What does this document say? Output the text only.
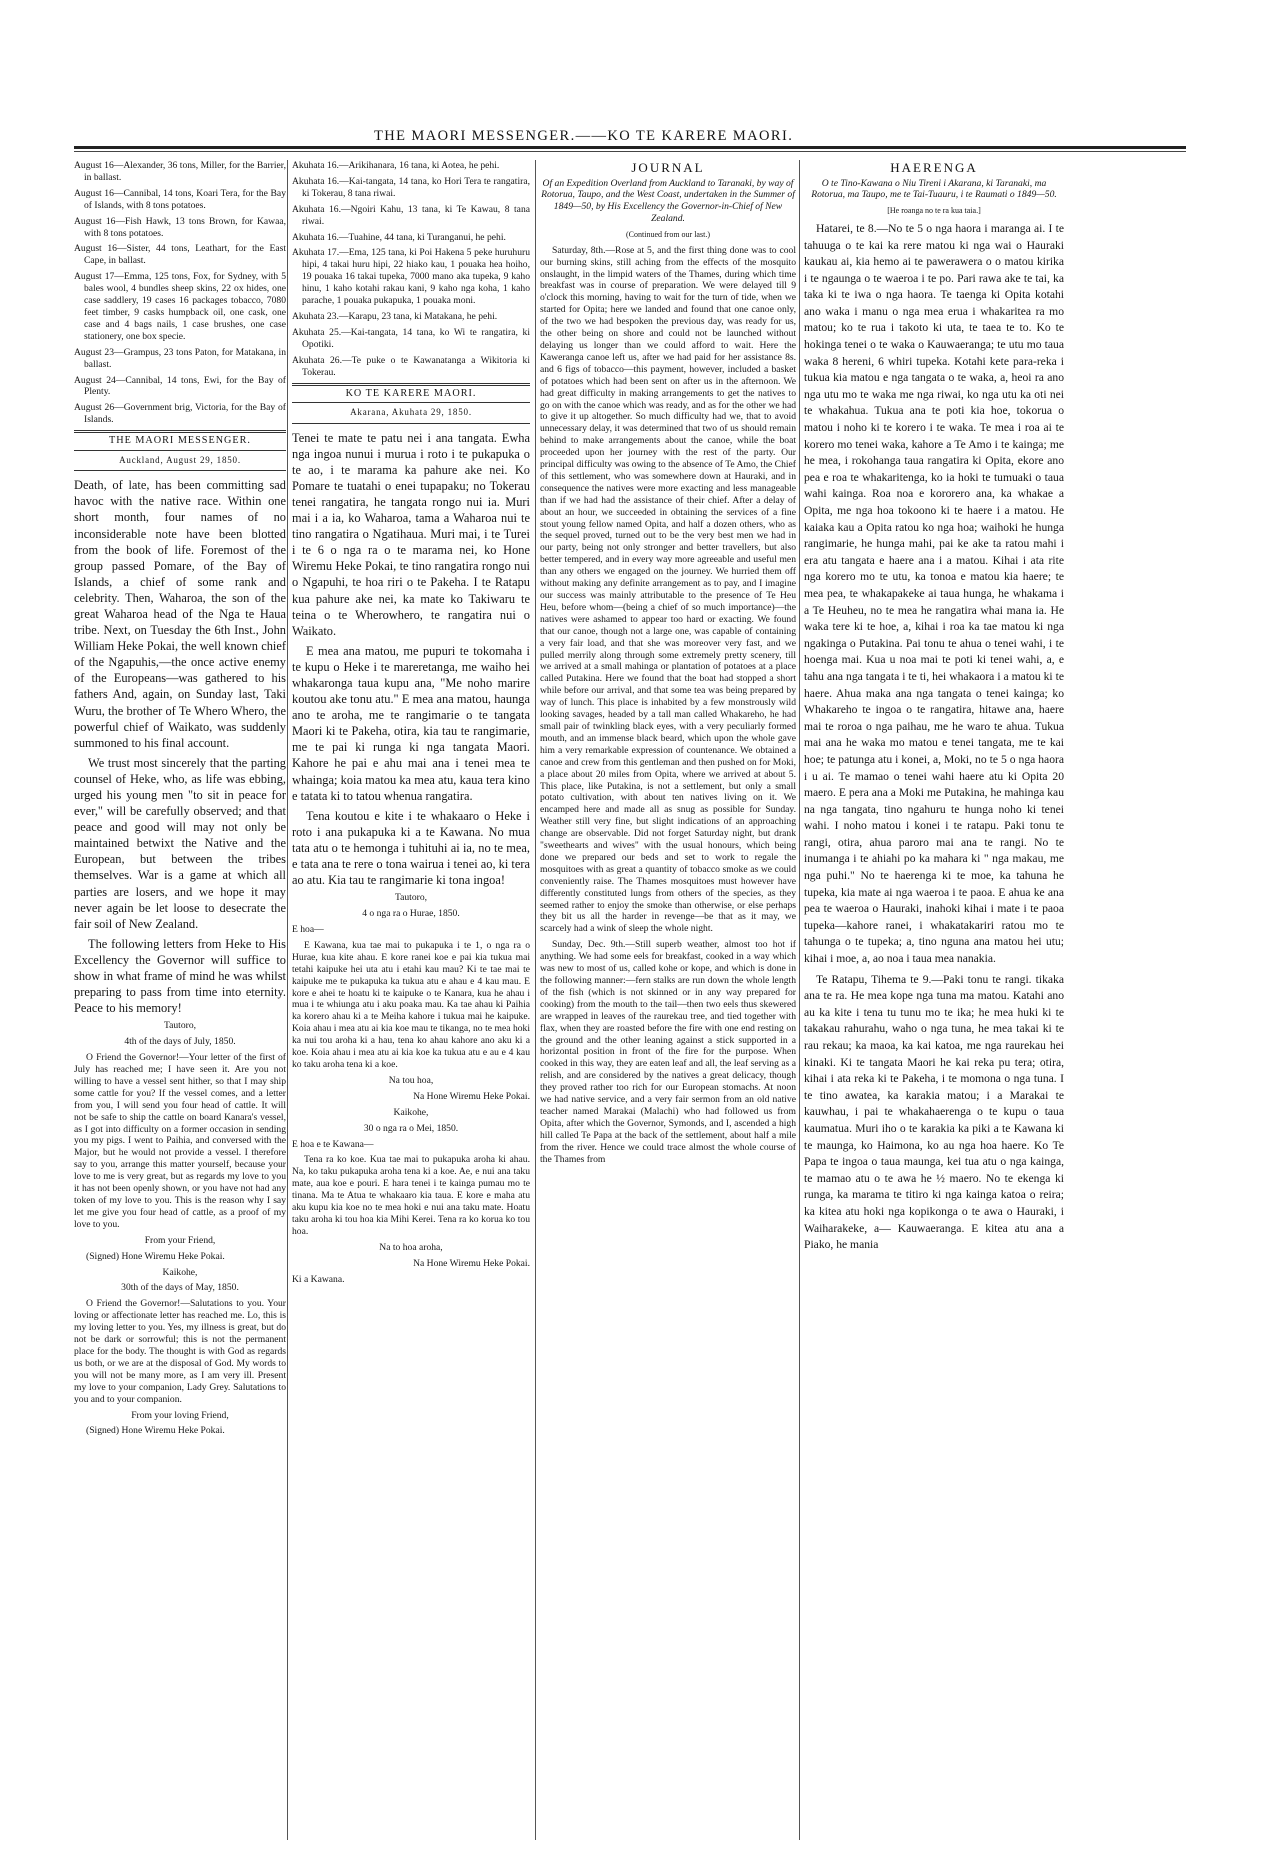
THE MAORI MESSENGER.——KO TE KARERE MAORI.

August 16—Alexander, 36 tons, Miller, for the Barrier, in ballast.

August 16—Cannibal, 14 tons, Koari Tera, for the Bay of Islands, with 8 tons potatoes.

August 16—Fish Hawk, 13 tons Brown, for Kawaa, with 8 tons potatoes.

August 16—Sister, 44 tons, Leathart, for the East Cape, in ballast.

August 17—Emma, 125 tons, Fox, for Sydney, with 5 bales wool, 4 bundles sheep skins, 22 ox hides, one case saddlery, 19 cases 16 packages tobacco, 7080 feet timber, 9 casks humpback oil, one cask, one case and 4 bags nails, 1 case brushes, one case stationery, one box specie.

August 23—Grampus, 23 tons Paton, for Matakana, in ballast.

August 24—Cannibal, 14 tons, Ewi, for the Bay of Plenty.

August 26—Government brig, Victoria, for the Bay of Islands.

THE MAORI MESSENGER.
Auckland, August 29, 1850.

Death, of late, has been committing sad havoc with the native race. Within one short month, four names of no inconsiderable note have been blotted from the book of life. Foremost of the group passed Pomare, of the Bay of Islands, a chief of some rank and celebrity. Then, Waharoa, the son of the great Waharoa head of the Nga te Haua tribe. Next, on Tuesday the 6th Inst., John William Heke Pokai, the well known chief of the Ngapuhis,—the once active enemy of the Europeans—was gathered to his fathers And, again, on Sunday last, Taki Wuru, the brother of Te Whero Whero, the powerful chief of Waikato, was suddenly summoned to his final account.

We trust most sincerely that the parting counsel of Heke, who, as life was ebbing, urged his young men "to sit in peace for ever," will be carefully observed; and that peace and good will may not only be maintained betwixt the Native and the European, but between the tribes themselves. War is a game at which all parties are losers, and we hope it may never again be let loose to desecrate the fair soil of New Zealand.

The following letters from Heke to His Excellency the Governor will suffice to show in what frame of mind he was whilst preparing to pass from time into eternity. Peace to his memory!

Tautoro,

4th of the days of July, 1850.

O Friend the Governor!—Your letter of the first of July has reached me; I have seen it. Are you not willing to have a vessel sent hither, so that I may ship some cattle for you? If the vessel comes, and a letter from you, I will send you four head of cattle. It will not be safe to ship the cattle on board Kanara's vessel, as I got into difficulty on a former occasion in sending you my pigs. I went to Paihia, and conversed with the Major, but he would not provide a vessel. I therefore say to you, arrange this matter yourself, because your love to me is very great, but as regards my love to you it has not been openly shown, or you have not had any token of my love to you. This is the reason why I say let me give you four head of cattle, as a proof of my love to you.

From your Friend,

(Signed) Hone Wiremu Heke Pokai.

Kaikohe,

30th of the days of May, 1850.

O Friend the Governor!—Salutations to you. Your loving or affectionate letter has reached me. Lo, this is my loving letter to you. Yes, my illness is great, but do not be dark or sorrowful; this is not the permanent place for the body. The thought is with God as regards us both, or we are at the disposal of God. My words to you will not be many more, as I am very ill. Present my love to your companion, Lady Grey. Salutations to you and to your companion.

From your loving Friend,

(Signed) Hone Wiremu Heke Pokai.

Akuhata 16.—Arikihanara, 16 tana, ki Aotea, he pehi.

Akuhata 16.—Kai-tangata, 14 tana, ko Hori Tera te rangatira, ki Tokerau, 8 tana riwai.

Akuhata 16.—Ngoiri Kahu, 13 tana, ki Te Kawau, 8 tana riwai.

Akuhata 16.—Tuahine, 44 tana, ki Turanganui, he pehi.

Akuhata 17.—Ema, 125 tana, ki Poi Hakena 5 peke huruhuru hipi, 4 takai huru hipi, 22 hiako kau, 1 pouaka hea hoiho, 19 pouaka 16 takai tupeka, 7000 mano aka tupeka, 9 kaho hinu, 1 kaho kotahi rakau kani, 9 kaho nga koha, 1 kaho parache, 1 pouaka pukapuka, 1 pouaka moni.

Akuhata 23.—Karapu, 23 tana, ki Matakana, he pehi.

Akuhata 25.—Kai-tangata, 14 tana, ko Wi te rangatira, ki Opotiki.

Akuhata 26.—Te puke o te Kawanatanga a Wikitoria ki Tokerau.

KO TE KARERE MAORI.
Akarana, Akuhata 29, 1850.

Tenei te mate te patu nei i ana tangata. Ewha nga ingoa nunui i murua i roto i te pukapuka o te ao, i te marama ka pahure ake nei. Ko Pomare te tuatahi o enei tupapaku; no Tokerau tenei rangatira, he tangata rongo nui ia. Muri mai i a ia, ko Waharoa, tama a Waharoa nui te tino rangatira o Ngatihaua. Muri mai, i te Turei i te 6 o nga ra o te marama nei, ko Hone Wiremu Heke Pokai, te tino rangatira rongo nui o Ngapuhi, te hoa riri o te Pakeha. I te Ratapu kua pahure ake nei, ka mate ko Takiwaru te teina o te Wherowhero, te rangatira nui o Waikato.

E mea ana matou, me pupuri te tokomaha i te kupu o Heke i te mareretanga, me waiho hei whakaronga taua kupu ana, "Me noho marire koutou ake tonu atu." E mea ana matou, haunga ano te aroha, me te rangimarie o te tangata Maori ki te Pakeha, otira, kia tau te rangimarie, me te pai ki runga ki nga tangata Maori. Kahore he pai e ahu mai ana i tenei mea te whainga; koia matou ka mea atu, kaua tera kino e tatata ki to tatou whenua rangatira.

Tena koutou e kite i te whakaaro o Heke i roto i ana pukapuka ki a te Kawana. No mua tata atu o te hemonga i tuhituhi ai ia, no te mea, e tata ana te rere o tona wairua i tenei ao, ki tera ao atu. Kia tau te rangimarie ki tona ingoa!

Tautoro,

4 o nga ra o Hurae, 1850.

E hoa—

E Kawana, kua tae mai to pukapuka i te 1, o nga ra o Hurae, kua kite ahau. E kore ranei koe e pai kia tukua mai tetahi kaipuke hei uta atu i etahi kau mau? Ki te tae mai te kaipuke me te pukapuka ka tukua atu e ahau e 4 kau mau. E kore e ahei te hoatu ki te kaipuke o te Kanara, kua he ahau i mua i te whiunga atu i aku poaka mau. Ka tae ahau ki Paihia ka korero ahau ki a te Meiha kahore i tukua mai he kaipuke. Koia ahau i mea atu ai kia koe mau te tikanga, no te mea hoki ka nui tou aroha ki a hau, tena ko ahau kahore ano aku ki a koe. Koia ahau i mea atu ai kia koe ka tukua atu e au e 4 kau ko taku aroha tena ki a koe.

Na tou hoa,

Na Hone Wiremu Heke Pokai.

Kaikohe,

30 o nga ra o Mei, 1850.

E hoa e te Kawana—

Tena ra ko koe. Kua tae mai to pukapuka aroha ki ahau. Na, ko taku pukapuka aroha tena ki a koe. Ae, e nui ana taku mate, aua koe e pouri. E hara tenei i te kainga pumau mo te tinana. Ma te Atua te whakaaro kia taua. E kore e maha atu aku kupu kia koe no te mea hoki e nui ana taku mate. Hoatu taku aroha ki tou hoa kia Mihi Kerei. Tena ra ko korua ko tou hoa.

Na to hoa aroha,

Na Hone Wiremu Heke Pokai.

Ki a Kawana.

JOURNAL

Of an Expedition Overland from Auckland to Taranaki, by way of Rotorua, Taupo, and the West Coast, undertaken in the Summer of 1849—50, by His Excellency the Governor-in-Chief of New Zealand.

(Continued from our last.)

Saturday, 8th.—Rose at 5, and the first thing done was to cool our burning skins, still aching from the effects of the mosquito onslaught, in the limpid waters of the Thames, during which time breakfast was in course of preparation. We were delayed till 9 o'clock this morning, having to wait for the turn of tide, when we started for Opita; here we landed and found that one canoe only, of the two we had bespoken the previous day, was ready for us, the other being on shore and could not be launched without delaying us longer than we could afford to wait. Here the Kaweranga canoe left us, after we had paid for her assistance 8s. and 6 figs of tobacco—this payment, however, included a basket of potatoes which had been sent on after us in the afternoon. We had great difficulty in making arrangements to get the natives to go on with the canoe which was ready, and as for the other we had to give it up altogether. So much difficulty had we, that to avoid unnecessary delay, it was determined that two of us should remain behind to make arrangements about the canoe, while the boat proceeded upon her journey with the rest of the party. Our principal difficulty was owing to the absence of Te Amo, the Chief of this settlement, who was somewhere down at Hauraki, and in consequence the natives were more exacting and less manageable than if we had had the assistance of their chief. After a delay of about an hour, we succeeded in obtaining the services of a fine stout young fellow named Opita, and half a dozen others, who as the sequel proved, turned out to be the very best men we had in our party, being not only stronger and better travellers, but also better tempered, and in every way more agreeable and useful men than any others we engaged on the journey. We hurried them off without making any definite arrangement as to pay, and I imagine our success was mainly attributable to the presence of Te Heu Heu, before whom—(being a chief of so much importance)—the natives were ashamed to appear too hard or exacting. We found that our canoe, though not a large one, was capable of containing a very fair load, and that she was moreover very fast, and we pulled merrily along through some extremely pretty scenery, till we arrived at a small mahinga or plantation of potatoes at a place called Putakina. Here we found that the boat had stopped a short while before our arrival, and that some tea was being prepared by way of lunch. This place is inhabited by a few monstrously wild looking savages, headed by a tall man called Whakareho, he had small pair of twinkling black eyes, with a very peculiarly formed mouth, and an immense black beard, which upon the whole gave him a very remarkable expression of countenance. We obtained a canoe and crew from this gentleman and then pushed on for Moki, a place about 20 miles from Opita, where we arrived at about 5. This place, like Putakina, is not a settlement, but only a small potato cultivation, with about ten natives living on it. We encamped here and made all as snug as possible for Sunday. Weather still very fine, but slight indications of an approaching change are observable. Did not forget Saturday night, but drank "sweethearts and wives" with the usual honours, which being done we prepared our beds and set to work to regale the mosquitoes with as great a quantity of tobacco smoke as we could conveniently raise. The Thames mosquitoes must however have differently constituted lungs from others of the species, as they seemed rather to enjoy the smoke than otherwise, or else perhaps they bit us all the harder in revenge—be that as it may, we scarcely had a wink of sleep the whole night.

Sunday, Dec. 9th.—Still superb weather, almost too hot if anything. We had some eels for breakfast, cooked in a way which was new to most of us, called kohe or kope, and which is done in the following manner:—fern stalks are run down the whole length of the fish (which is not skinned or in any way prepared for cooking) from the mouth to the tail—then two eels thus skewered are wrapped in leaves of the raurekau tree, and tied together with flax, when they are roasted before the fire with one end resting on the ground and the other leaning against a stick supported in a horizontal position in front of the fire for the purpose. When cooked in this way, they are eaten leaf and all, the leaf serving as a relish, and are considered by the natives a great delicacy, though they proved rather too rich for our European stomachs. At noon we had native service, and a very fair sermon from an old native teacher named Marakai (Malachi) who had followed us from Opita, after which the Governor, Symonds, and I, ascended a high hill called Te Papa at the back of the settlement, about half a mile from the river. Hence we could trace almost the whole course of the Thames from

HAERENGA

O te Tino-Kawana o Niu Tireni i Akarana, ki Taranaki, ma Rotorua, ma Taupo, me te Tai-Tuauru, i te Raumati o 1849—50.

[He roanga no te ra kua taia.]

Hatarei, te 8.—No te 5 o nga haora i maranga ai. I te tahuuga o te kai ka rere matou ki nga wai o Hauraki kaukau ai, kia hemo ai te pawerawera o o matou kirika i te ngaunga o te waeroa i te po. Pari rawa ake te tai, ka taka ki te iwa o nga haora. Te taenga ki Opita kotahi ano waka i manu o nga mea erua i whakaritea ra mo matou; ko te rua i takoto ki uta, te taea te to. Ko te hokinga tenei o te waka o Kauwaeranga; te utu mo taua waka 8 hereni, 6 whiri tupeka. Kotahi kete para-reka i tukua kia matou e nga tangata o te waka, a, heoi ra ano nga utu mo te waka me nga riwai, ko nga utu ka oti nei te whakahua. Tukua ana te poti kia hoe, tokorua o matou i noho ki te korero i te waka. Te mea i roa ai te korero mo tenei waka, kahore a Te Amo i te kainga; me he mea, i rokohanga taua rangatira ki Opita, ekore ano pea e roa te whakaritenga, ko ia hoki te tumuaki o taua wahi kainga. Roa noa e kororero ana, ka whakae a Opita, me nga hoa tokoono ki te haere i a matou. He kaiaka kau a Opita ratou ko nga hoa; waihoki he hunga rangimarie, he hunga mahi, pai ke ake ta ratou mahi i era atu tangata e haere ana i a matou. Kihai i ata rite nga korero mo te utu, ka tonoa e matou kia haere; te mea pea, te whakapakeke ai taua hunga, he whakama i a Te Heuheu, no te mea he rangatira whai mana ia. He waka tere ki te hoe, a, kihai i roa ka tae matou ki nga ngakinga o Putakina. Pai tonu te ahua o tenei wahi, i te hoenga mai. Kua u noa mai te poti ki tenei wahi, a, e tahu ana nga tangata i te ti, hei whakaora i a matou ki te haere. Ahua maka ana nga tangata o tenei kainga; ko Whakareho te ingoa o te rangatira, hitawe ana, haere mai te roroa o nga paihau, me he waro te ahua. Tukua mai ana he waka mo matou e tenei tangata, me te kai hoe; te patunga atu i konei, a, Moki, no te 5 o nga haora i u ai. Te mamao o tenei wahi haere atu ki Opita 20 maero. E pera ana a Moki me Putakina, he mahinga kau na nga tangata, tino ngahuru te hunga noho ki tenei wahi. I noho matou i konei i te ratapu. Paki tonu te rangi, otira, ahua paroro mai ana te rangi. No te inumanga i te ahiahi po ka mahara ki " nga makau, me nga puhi." No te haerenga ki te moe, ka tahuna he tupeka, kia mate ai nga waeroa i te paoa. E ahua ke ana pea te waeroa o Hauraki, inahoki kihai i mate i te paoa tupeka—kahore ranei, i whakatakariri ratou mo te tahunga o te tupeka; a, tino nguna ana matou hei utu; kihai i moe, a, ao noa i taua mea nanakia.

Te Ratapu, Tihema te 9.—Paki tonu te rangi. tikaka ana te ra. He mea kope nga tuna ma matou. Katahi ano au ka kite i tena tu tunu mo te ika; he mea huki ki te takakau rahurahu, waho o nga tuna, he mea takai ki te rau rekau; ka maoa, ka kai katoa, me nga raurekau hei kinaki. Ki te tangata Maori he kai reka pu tera; otira, kihai i ata reka ki te Pakeha, i te momona o nga tuna. I te tino awatea, ka karakia matou; i a Marakai te kauwhau, i pai te whakahaerenga o te kupu o taua kaumatua. Muri iho o te karakia ka piki a te Kawana ki te maunga, ko Haimona, ko au nga hoa haere. Ko Te Papa te ingoa o taua maunga, kei tua atu o nga kainga, te mamao atu o te awa he ½ maero. No te ekenga ki runga, ka marama te titiro ki nga kainga katoa o reira; ka kitea atu hoki nga kopikonga o te awa o Hauraki, i Waiharakeke, a— Kauwaeranga. E kitea atu ana a Piako, he mania
